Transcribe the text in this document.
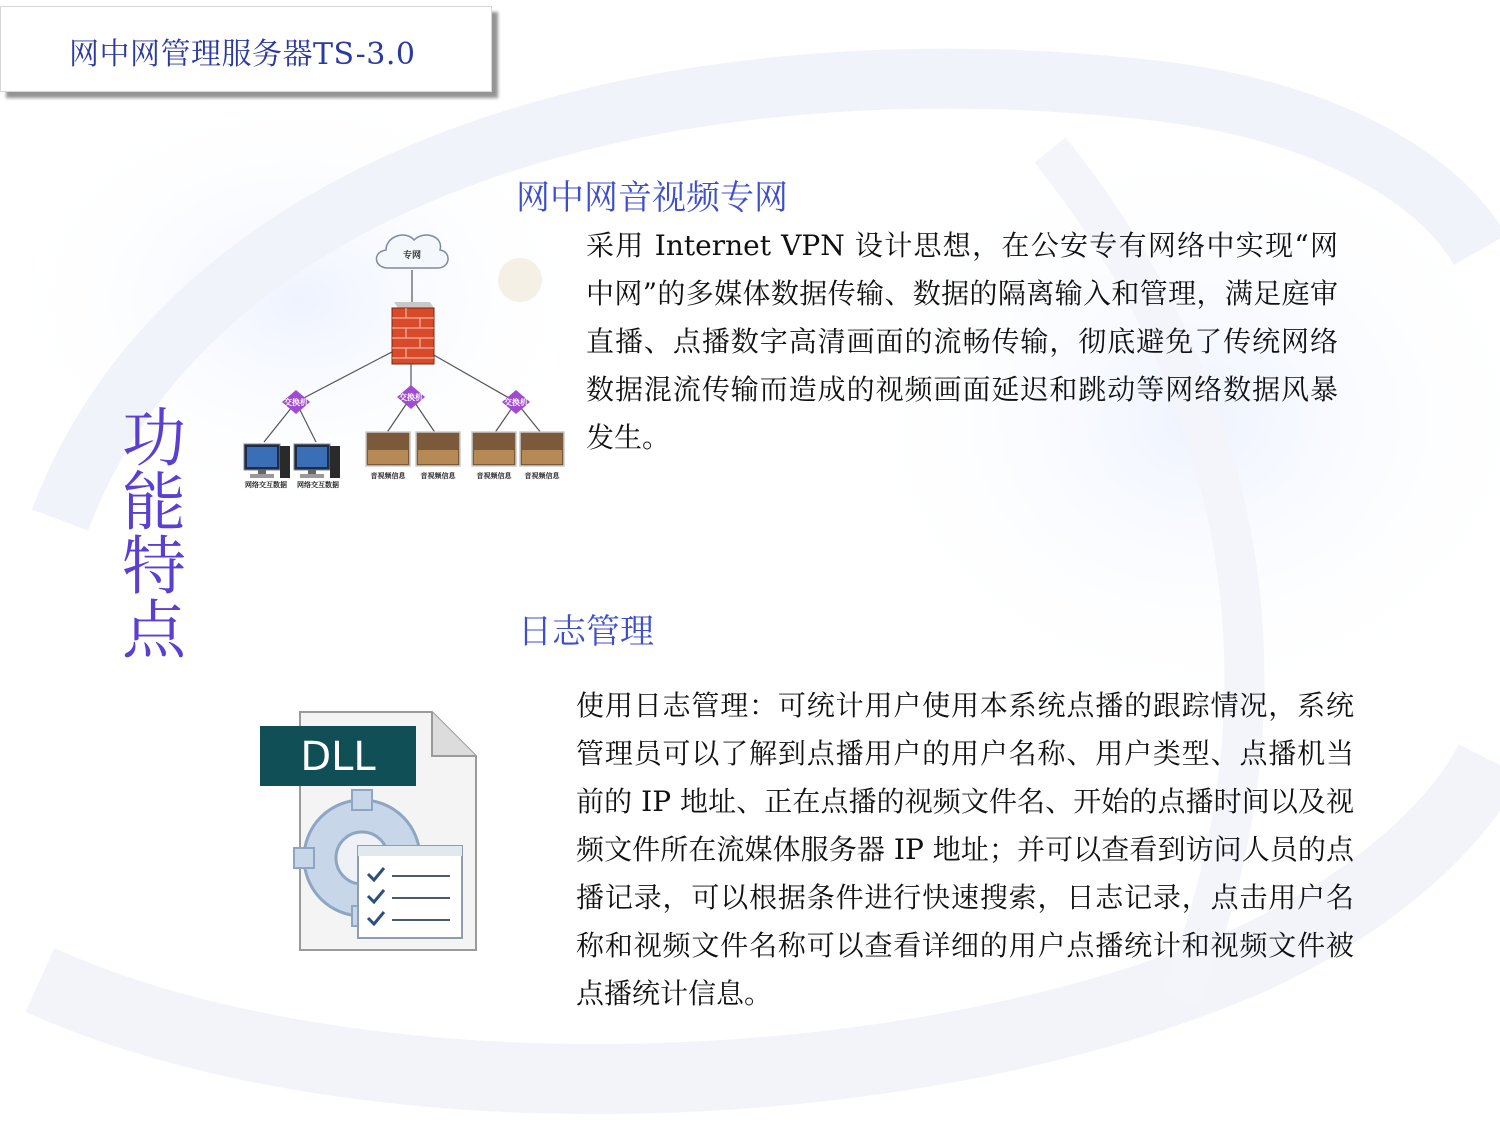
网中网管理服务器TS-3.0
功能特点
网中网音视频专网
专网
交换机
交换机
交换机
网络交互数据 网络交互数据
音视频信息 音视频信息	音视频信息 音视频信息
采用 Internet VPN 设计思想，在公安专有网络中实现“网中网”的多媒体数据传输、数据的隔离输入和管理，满足庭审直播、点播数字高清画面的流畅传输，彻底避免了传统网络数据混流传输而造成的视频画面延迟和跳动等网络数据风暴发生。
日志管理
DLL
使用日志管理：可统计用户使用本系统点播的跟踪情况，系统管理员可以了解到点播用户的用户名称、用户类型、点播机当前的 IP 地址、正在点播的视频文件名、开始的点播时间以及视频文件所在流媒体服务器 IP 地址；并可以查看到访问人员的点播记录，可以根据条件进行快速搜索，日志记录，点击用户名称和视频文件名称可以查看详细的用户点播统计和视频文件被点播统计信息。
